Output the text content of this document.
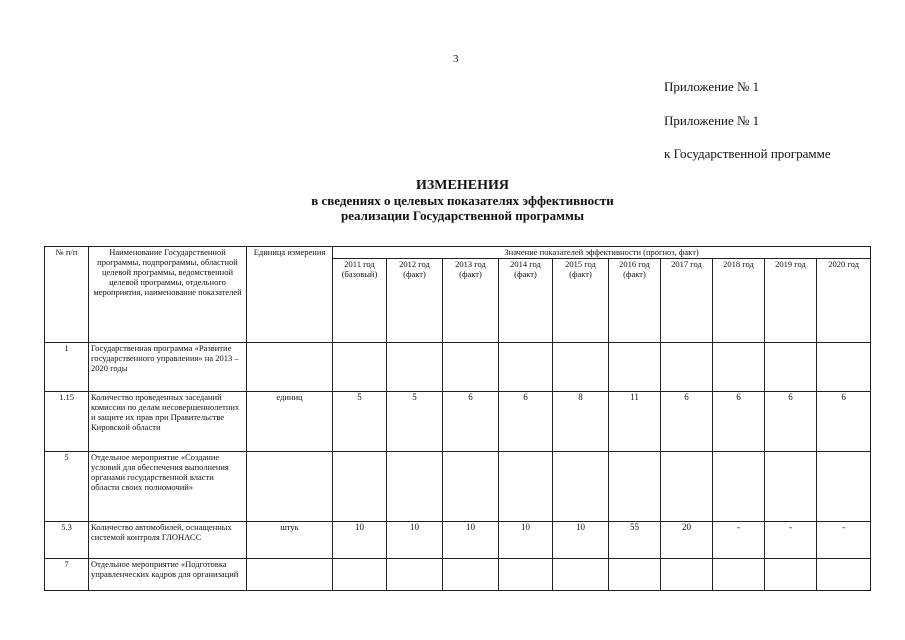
3
Приложение № 1
Приложение № 1
к Государственной программе
ИЗМЕНЕНИЯ
в сведениях о целевых показателях эффективности
реализации Государственной программы
№ п/п	Наименование Государственной программы, подпрограммы, областной целевой программы, ведомственной целевой программы, отдельного мероприятия, наименование показателей	Единица измерения	Значение показателей эффективности (прогноз, факт)									
			2011 год (базовый)	2012 год (факт)	2013 год (факт)	2014 год (факт)	2015 год (факт)	2016 год (факт)	2017 год	2018 год	2019 год	2020 год
1	Государственная программа «Развитие государственного управления» на 2013 – 2020 годы											
1.15	Количество проведенных заседаний комиссии по делам несовершеннолетних и защите их прав при Правительстве Кировской области	единиц	5	5	6	6	8	11	6	6	6	6
5	Отдельное мероприятие «Создание условий для обеспечения выполнения органами государственной власти области своих полномочий»											
5.3	Количество автомобилей, оснащенных системой контроля ГЛОНАСС	штук	10	10	10	10	10	55	20	-	-	-
7	Отдельное мероприятие «Подготовка управленческих кадров для организаций											
